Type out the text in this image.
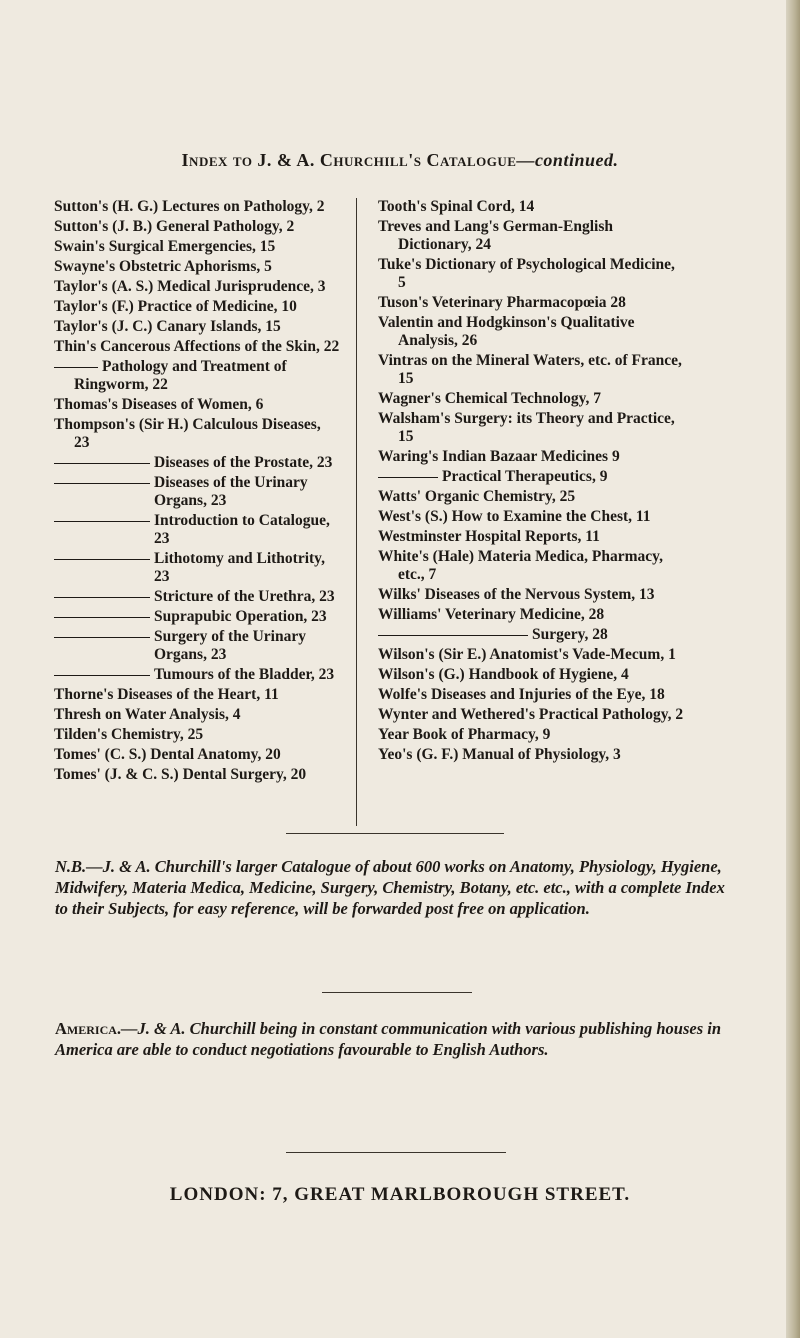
Index to J. & A. Churchill's Catalogue—continued.
Sutton's (H. G.) Lectures on Pathology, 2
Sutton's (J. B.) General Pathology, 2
Swain's Surgical Emergencies, 15
Swayne's Obstetric Aphorisms, 5
Taylor's (A. S.) Medical Jurisprudence, 3
Taylor's (F.) Practice of Medicine, 10
Taylor's (J. C.) Canary Islands, 15
Thin's Cancerous Affections of the Skin, 22
Pathology and Treatment of Ringworm, 22
Thomas's Diseases of Women, 6
Thompson's (Sir H.) Calculous Diseases, 23
Diseases of the Prostate, 23
Diseases of the Urinary Organs, 23
Introduction to Catalogue, 23
Lithotomy and Lithotrity, 23
Stricture of the Urethra, 23
Suprapubic Operation, 23
Surgery of the Urinary Organs, 23
Tumours of the Bladder, 23
Thorne's Diseases of the Heart, 11
Thresh on Water Analysis, 4
Tilden's Chemistry, 25
Tomes' (C. S.) Dental Anatomy, 20
Tomes' (J. & C. S.) Dental Surgery, 20
Tooth's Spinal Cord, 14
Treves and Lang's German-English Dictionary, 24
Tuke's Dictionary of Psychological Medicine, 5
Tuson's Veterinary Pharmacopœia 28
Valentin and Hodgkinson's Qualitative Analysis, 26
Vintras on the Mineral Waters, etc. of France, 15
Wagner's Chemical Technology, 7
Walsham's Surgery: its Theory and Practice, 15
Waring's Indian Bazaar Medicines 9
Practical Therapeutics, 9
Watts' Organic Chemistry, 25
West's (S.) How to Examine the Chest, 11
Westminster Hospital Reports, 11
White's (Hale) Materia Medica, Pharmacy, etc., 7
Wilks' Diseases of the Nervous System, 13
Williams' Veterinary Medicine, 28
Surgery, 28
Wilson's (Sir E.) Anatomist's Vade-Mecum, 1
Wilson's (G.) Handbook of Hygiene, 4
Wolfe's Diseases and Injuries of the Eye, 18
Wynter and Wethered's Practical Pathology, 2
Year Book of Pharmacy, 9
Yeo's (G. F.) Manual of Physiology, 3
N.B.—J. & A. Churchill's larger Catalogue of about 600 works on Anatomy, Physiology, Hygiene, Midwifery, Materia Medica, Medicine, Surgery, Chemistry, Botany, etc. etc., with a complete Index to their Subjects, for easy reference, will be forwarded post free on application.
America.—J. & A. Churchill being in constant communication with various publishing houses in America are able to conduct negotiations favourable to English Authors.
LONDON: 7, GREAT MARLBOROUGH STREET.
